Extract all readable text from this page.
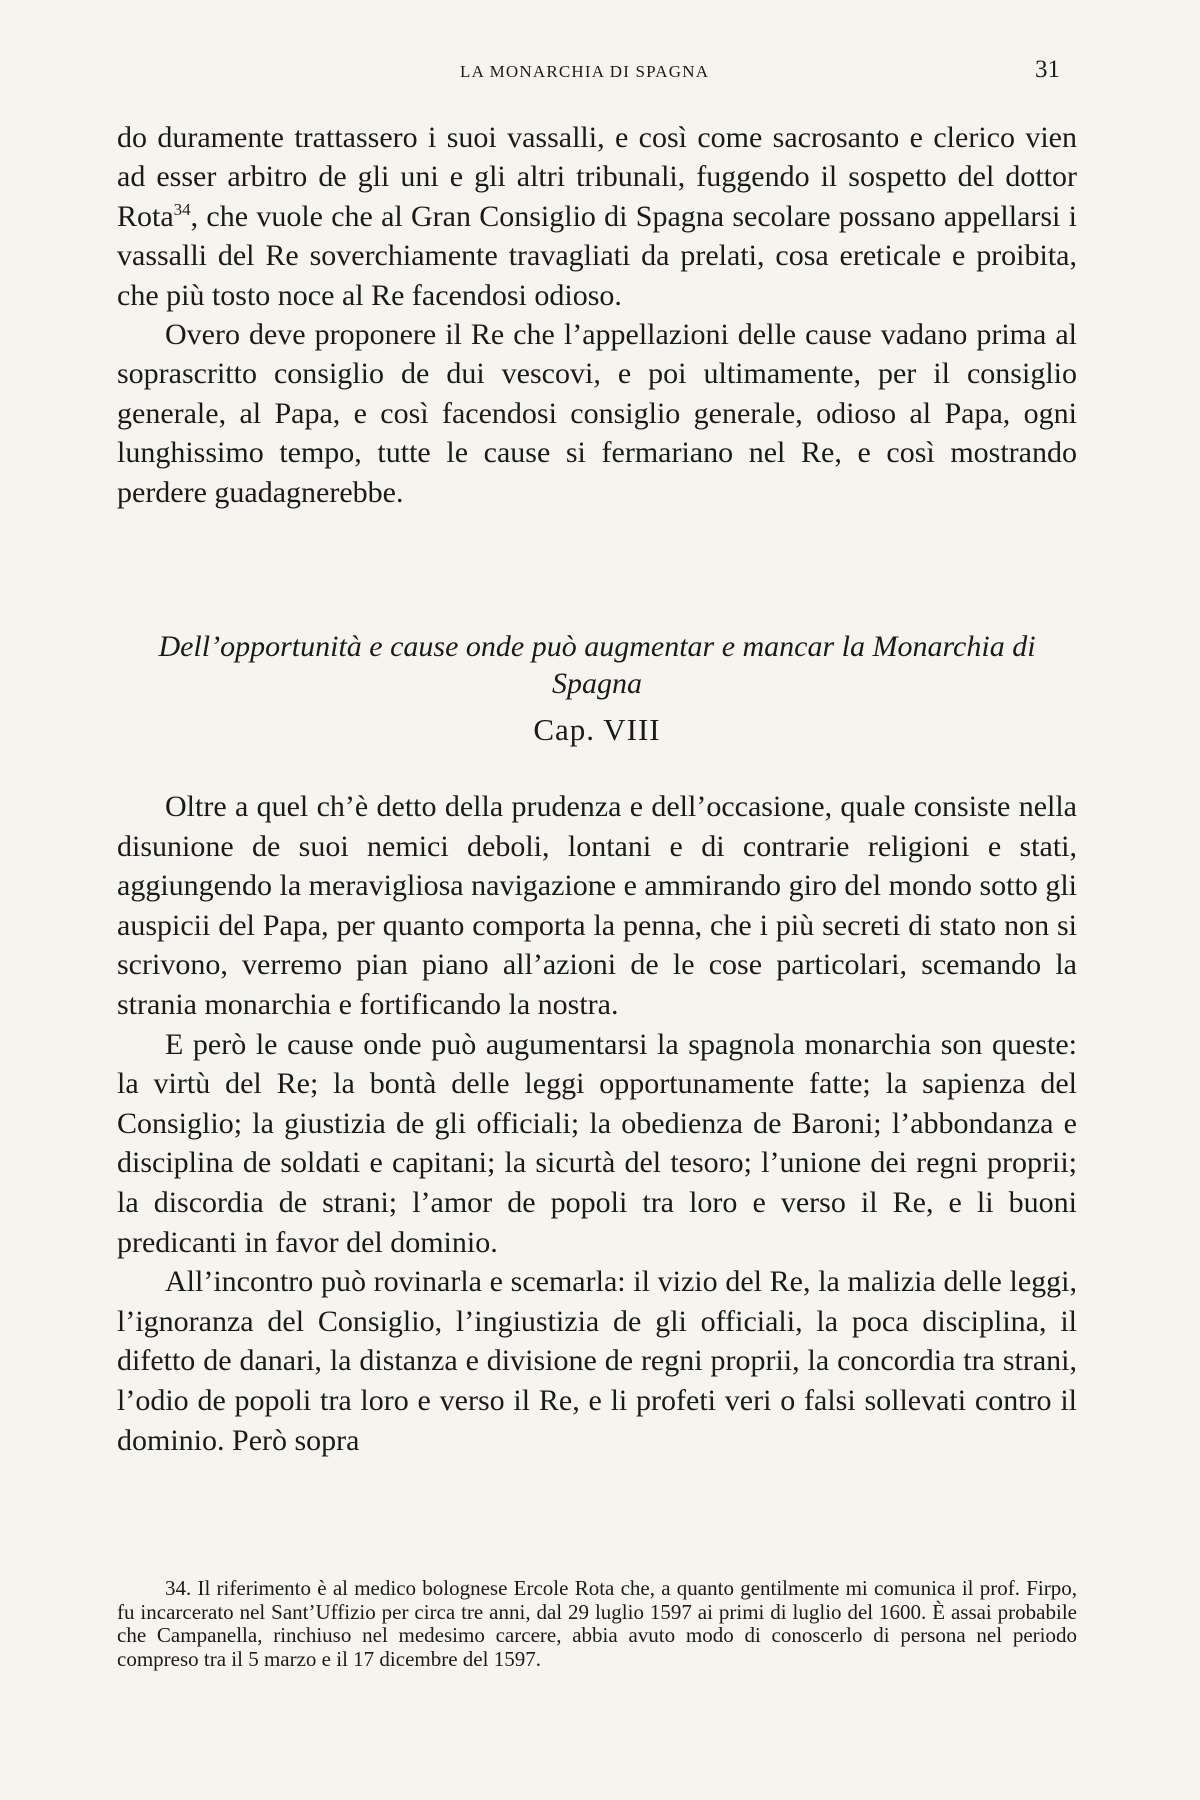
LA MONARCHIA DI SPAGNA	31

do duramente trattassero i suoi vassalli, e così come sacrosanto e clerico vien ad esser arbitro de gli uni e gli altri tribunali, fuggendo il sospetto del dottor Rota$^{34}$, che vuole che al Gran Consiglio di Spagna secolare possano appellarsi i vassalli del Re soverchiamente travagliati da prelati, cosa ereticale e proibita, che più tosto noce al Re facendosi odioso.

Overo deve proponere il Re che l’appellazioni delle cause vadano prima al soprascritto consiglio de dui vescovi, e poi ultimamente, per il consiglio generale, al Papa, e così facendosi consiglio generale, odioso al Papa, ogni lunghissimo tempo, tutte le cause si fermariano nel Re, e così mostrando perdere guadagnerebbe.

Dell’opportunità e cause onde può augmentar e mancar la Monarchia di Spagna

Cap. VIII

Oltre a quel ch’è detto della prudenza e dell’occasione, quale consiste nella disunione de suoi nemici deboli, lontani e di contrarie religioni e stati, aggiungendo la meravigliosa navigazione e ammirando giro del mondo sotto gli auspicii del Papa, per quanto comporta la penna, che i più secreti di stato non si scrivono, verremo pian piano all’azioni de le cose particolari, scemando la strania monarchia e fortificando la nostra.

E però le cause onde può augumentarsi la spagnola monarchia son queste: la virtù del Re; la bontà delle leggi opportunamente fatte; la sapienza del Consiglio; la giustizia de gli officiali; la obedienza de Baroni; l’abbondanza e disciplina de soldati e capitani; la sicurtà del tesoro; l’unione dei regni proprii; la discordia de strani; l’amor de popoli tra loro e verso il Re, e li buoni predicanti in favor del dominio.

All’incontro può rovinarla e scemarla: il vizio del Re, la malizia delle leggi, l’ignoranza del Consiglio, l’ingiustizia de gli officiali, la poca disciplina, il difetto de danari, la distanza e divisione de regni proprii, la concordia tra strani, l’odio de popoli tra loro e verso il Re, e li profeti veri o falsi sollevati contro il dominio. Però sopra

34. Il riferimento è al medico bolognese Ercole Rota che, a quanto gentilmente mi comunica il prof. Firpo, fu incarcerato nel Sant’Uffizio per circa tre anni, dal 29 luglio 1597 ai primi di luglio del 1600. È assai probabile che Campanella, rinchiuso nel medesimo carcere, abbia avuto modo di conoscerlo di persona nel periodo compreso tra il 5 marzo e il 17 dicembre del 1597.
